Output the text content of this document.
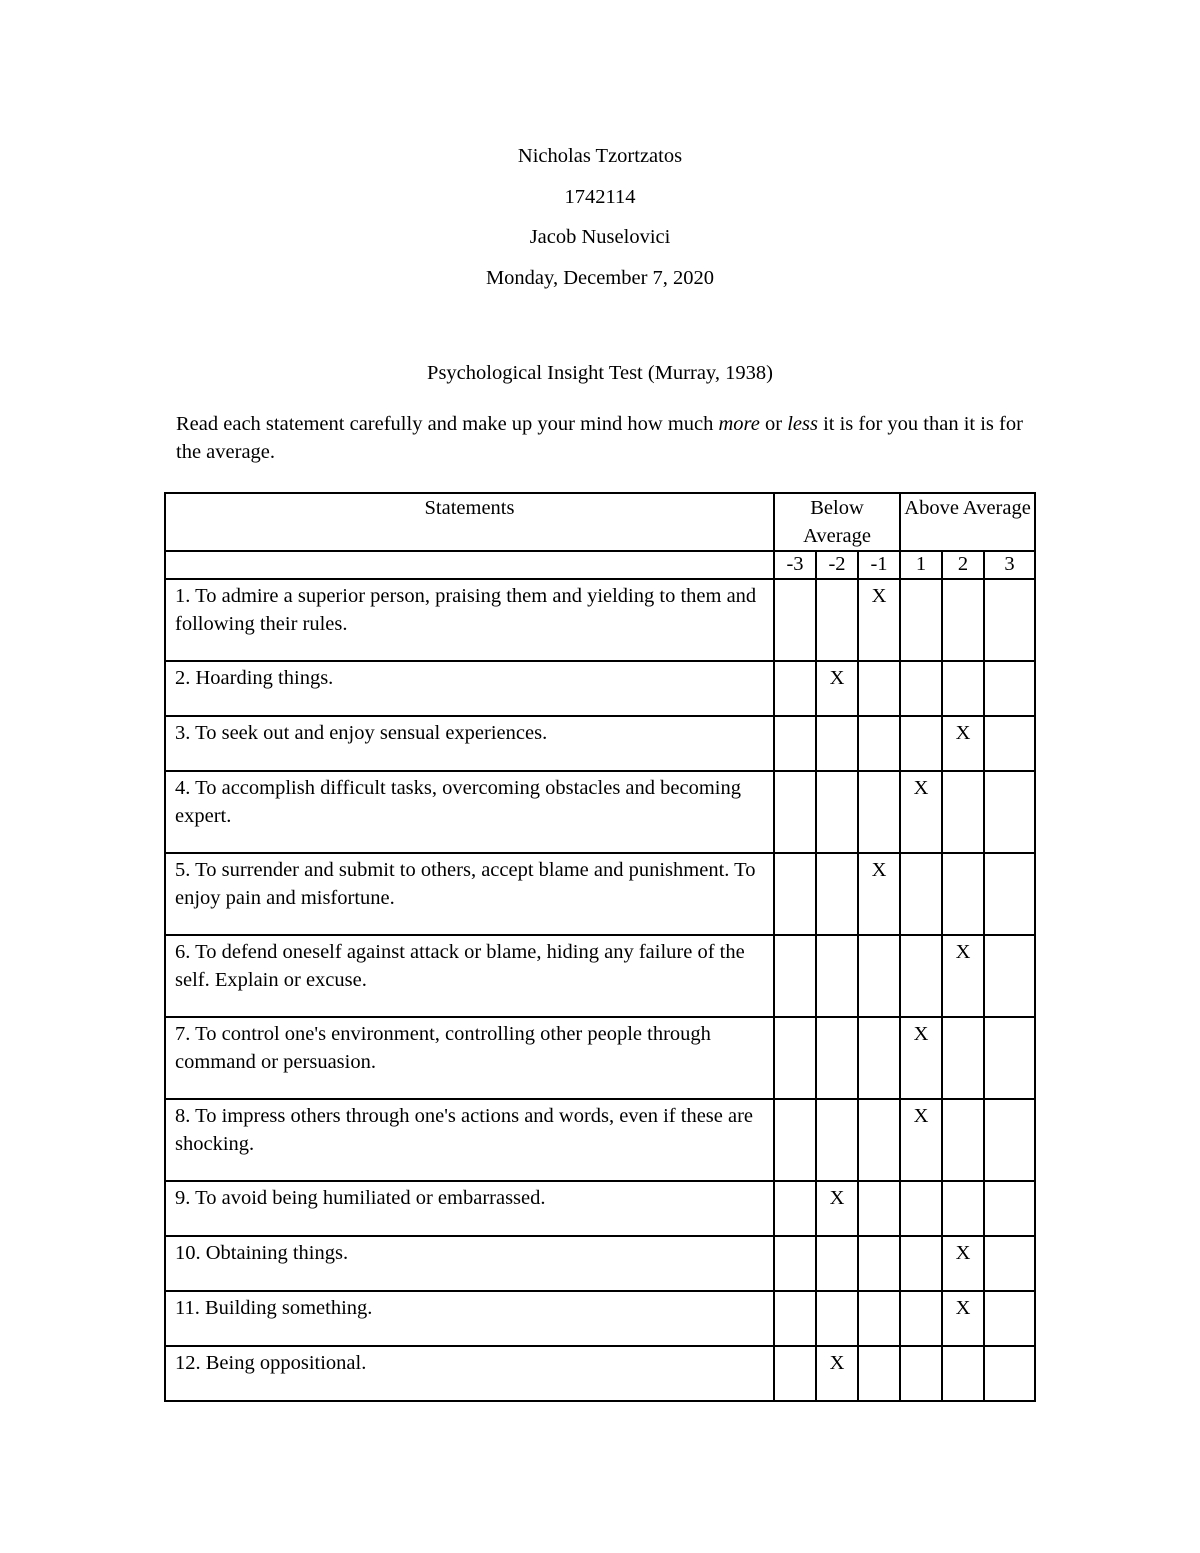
Nicholas Tzortzatos
1742114
Jacob Nuselovici
Monday, December 7, 2020
Psychological Insight Test (Murray, 1938)
Read each statement carefully and make up your mind how much more or less it is for you than it is for the average.
Statements	Below Average			Above Average		
	-3	-2	-1	1	2	3
1. To admire a superior person, praising them and yielding to them and following their rules.			X			
2. Hoarding things.		X				
3. To seek out and enjoy sensual experiences.					X	
4. To accomplish difficult tasks, overcoming obstacles and becoming expert.				X		
5. To surrender and submit to others, accept blame and punishment. To enjoy pain and misfortune.			X			
6. To defend oneself against attack or blame, hiding any failure of the self. Explain or excuse.					X	
7. To control one's environment, controlling other people through command or persuasion.				X		
8. To impress others through one's actions and words, even if these are shocking.				X		
9. To avoid being humiliated or embarrassed.		X				
10. Obtaining things.					X	
11. Building something.					X	
12. Being oppositional.		X				
